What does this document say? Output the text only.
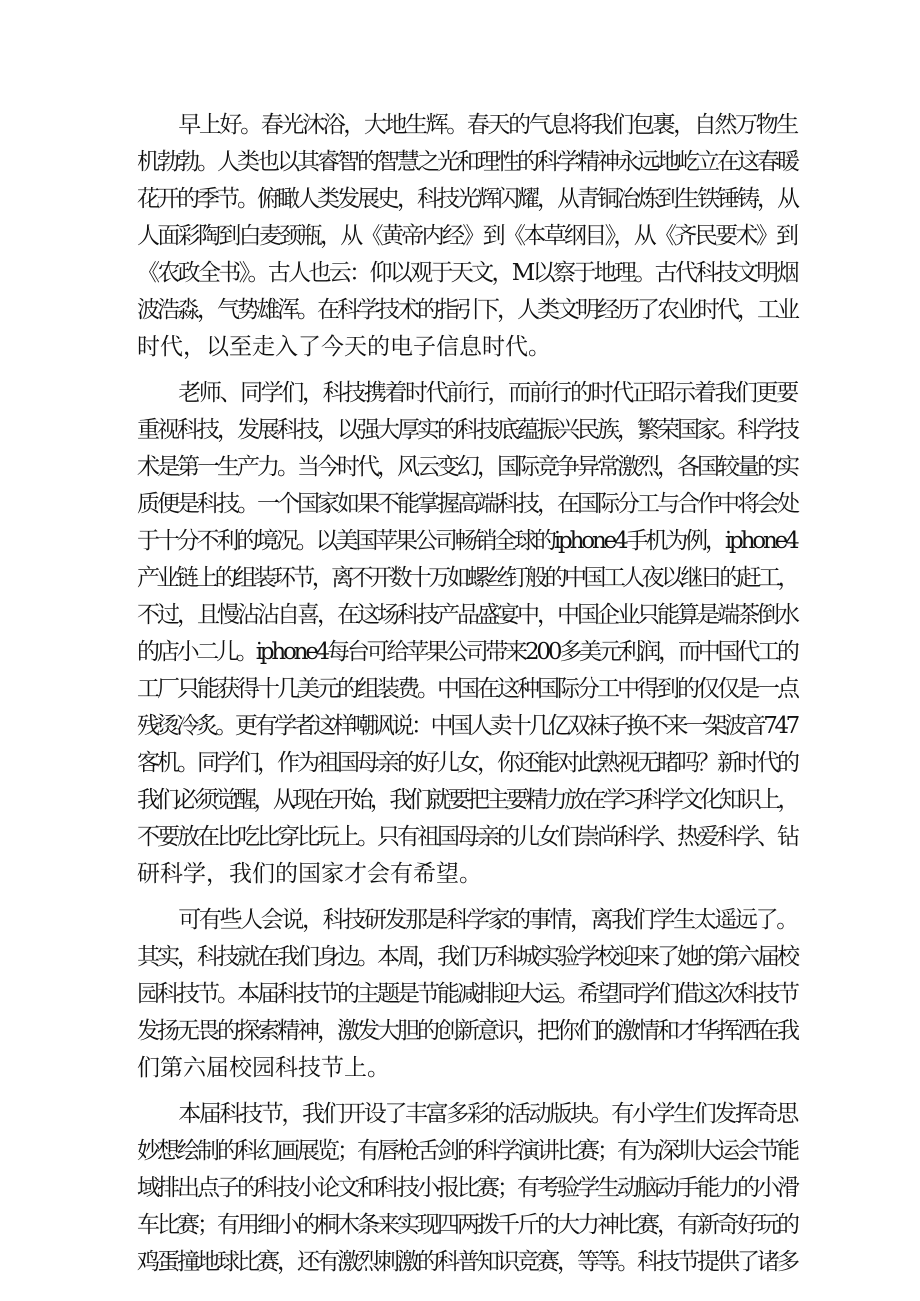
　　早上好。春光沐浴，大地生辉。春天的气息将我们包裹，自然万物生
机勃勃。人类也以其睿智的智慧之光和理性的科学精神永远地屹立在这春暖
花开的季节。俯瞰人类发展史，科技光辉闪耀，从青铜冶炼到生铁锤铸，从
人面彩陶到白麦颈瓶，从《黄帝内经》到《本草纲目》，从《齐民要术》到
《农政全书》。古人也云：仰以观于天文，M以察于地理。古代科技文明烟
波浩淼，气势雄浑。在科学技术的指引下，人类文明经历了农业时代，工业
时代，以至走入了今天的电子信息时代。
　　老师、同学们，科技携着时代前行，而前行的时代正昭示着我们更要
重视科技，发展科技，以强大厚实的科技底蕴振兴民族，繁荣国家。科学技
术是第一生产力。当今时代，风云变幻，国际竞争异常激烈，各国较量的实
质便是科技。一个国家如果不能掌握高端科技，在国际分工与合作中将会处
于十分不利的境况。以美国苹果公司畅销全球的iphone4手机为例，iphone4
产业链上的组装环节，离不开数十万如螺丝钉般的中国工人夜以继日的赶工，
不过，且慢沾沾自喜，在这场科技产品盛宴中，中国企业只能算是端茶倒水
的店小二儿。iphone4每台可给苹果公司带来200多美元利润，而中国代工的
工厂只能获得十几美元的组装费。中国在这种国际分工中得到的仅仅是一点
残烫冷炙。更有学者这样嘲讽说：中国人卖十几亿双袜子换不来一架波音747
客机。同学们，作为祖国母亲的好儿女，你还能对此熟视无睹吗？新时代的
我们必须觉醒，从现在开始，我们就要把主要精力放在学习科学文化知识上，
不要放在比吃比穿比玩上。只有祖国母亲的儿女们崇尚科学、热爱科学、钻
研科学，我们的国家才会有希望。
　　可有些人会说，科技研发那是科学家的事情，离我们学生太遥远了。
其实，科技就在我们身边。本周，我们万科城实验学校迎来了她的第六届校
园科技节。本届科技节的主题是节能减排迎大运。希望同学们借这次科技节
发扬无畏的探索精神，激发大胆的创新意识，把你们的激情和才华挥洒在我
们第六届校园科技节上。
　　本届科技节，我们开设了丰富多彩的活动版块。有小学生们发挥奇思
妙想绘制的科幻画展览；有唇枪舌剑的科学演讲比赛；有为深圳大运会节能
域排出点子的科技小论文和科技小报比赛；有考验学生动脑动手能力的小滑
车比赛；有用细小的桐木条来实现四两拨千斤的大力神比赛，有新奇好玩的
鸡蛋撞地球比赛，还有激烈刺激的科普知识竞赛，等等。科技节提供了诸多
